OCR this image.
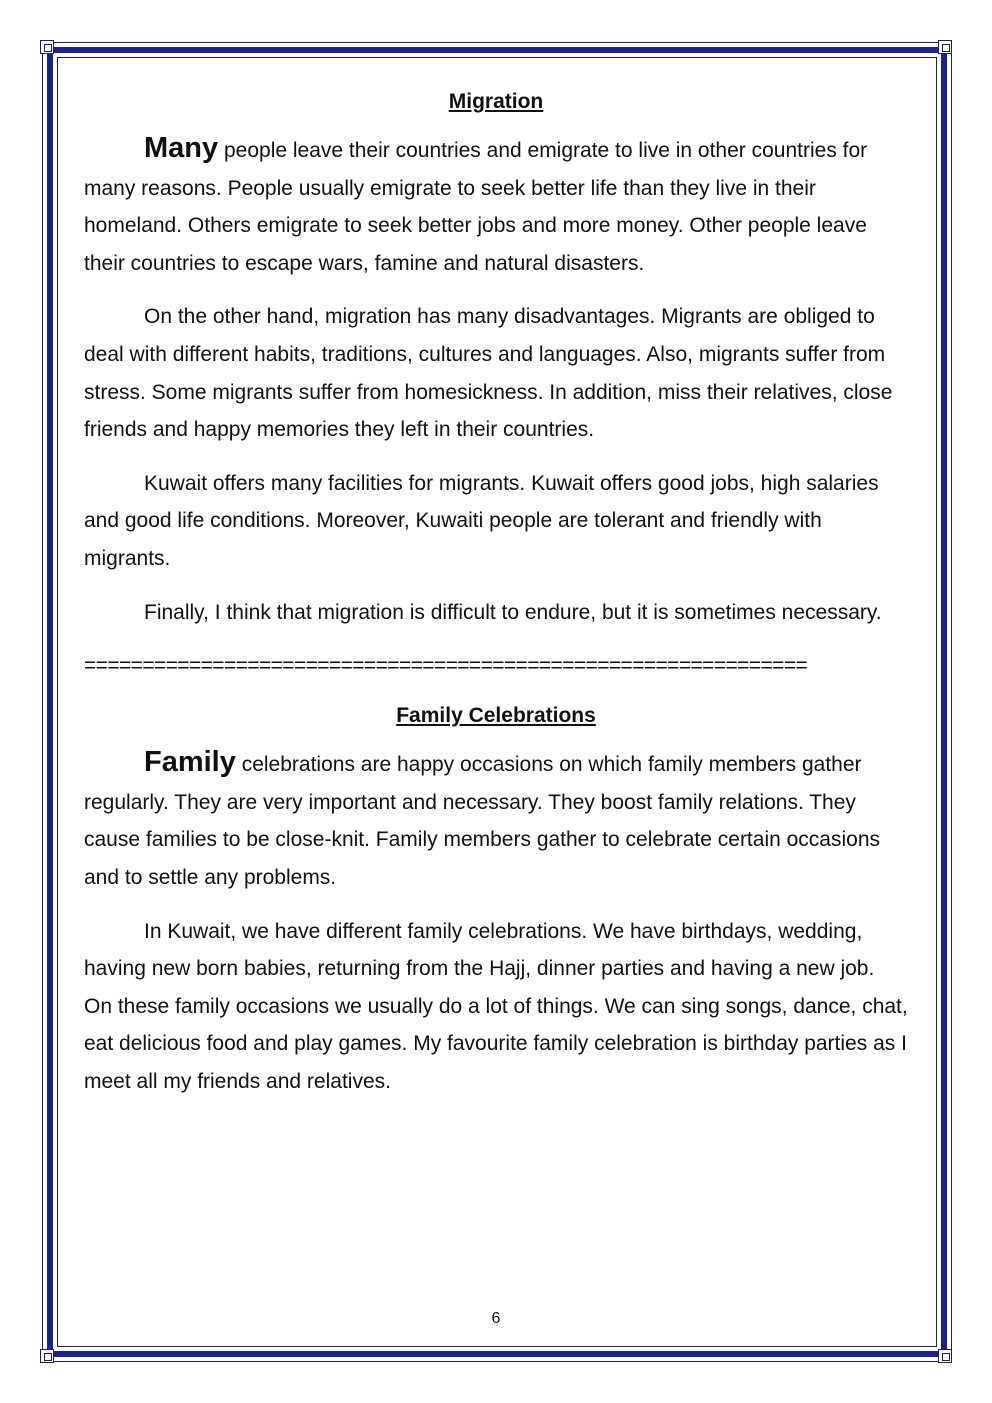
Migration

Many people leave their countries and emigrate to live in other countries for many reasons. People usually emigrate to seek better life than they live in their homeland. Others emigrate to seek better jobs and more money. Other people leave their countries to escape wars, famine and natural disasters.

On the other hand, migration has many disadvantages. Migrants are obliged to deal with different habits, traditions, cultures and languages. Also, migrants suffer from stress. Some migrants suffer from homesickness. In addition, miss their relatives, close friends and happy memories they left in their countries.

Kuwait offers many facilities for migrants. Kuwait offers good jobs, high salaries and good life conditions. Moreover, Kuwaiti people are tolerant and friendly with migrants.

Finally, I think that migration is difficult to endure, but it is sometimes necessary.

==============================================================
Family Celebrations

Family celebrations are happy occasions on which family members gather regularly. They are very important and necessary. They boost family relations. They cause families to be close-knit. Family members gather to celebrate certain occasions and to settle any problems.

In Kuwait, we have different family celebrations. We have birthdays, wedding, having new born babies, returning from the Hajj, dinner parties and having a new job. On these family occasions we usually do a lot of things. We can sing songs, dance, chat, eat delicious food and play games. My favourite family celebration is birthday parties as I meet all my friends and relatives.

6
